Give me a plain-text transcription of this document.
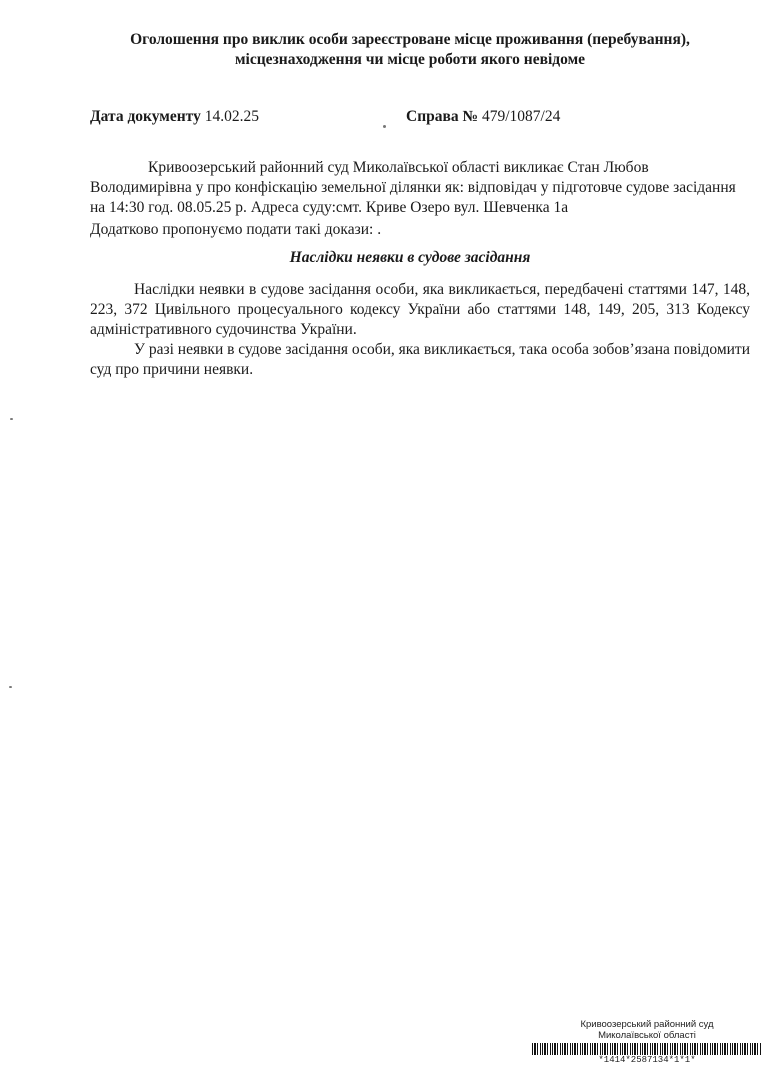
Оголошення про виклик особи зареєстроване місце проживання (перебування),
місцезнаходження чи місце роботи якого невідоме
Дата документу 14.02.25	Справа № 479/1087/24
Кривоозерський районний суд Миколаївської області викликає Стан Любов
Володимирівна у про конфіскацію земельної ділянки як: відповідач у підготовче судове засідання
на 14:30 год. 08.05.25 р. Адреса суду:смт. Криве Озеро вул. Шевченка 1а
Додатково пропонуємо подати такі докази: .
Наслідки неявки в судове засідання

Наслідки неявки в судове засідання особи, яка викликається, передбачені статтями 147, 148, 223, 372 Цивільного процесуального кодексу України або статтями 148, 149, 205, 313 Кодексу адміністративного судочинства України.

У разі неявки в судове засідання особи, яка викликається, така особа зобов’язана повідомити суд про причини неявки.

Кривоозерський районний суд
Миколаївської області
*1414*2587134*1*1*
